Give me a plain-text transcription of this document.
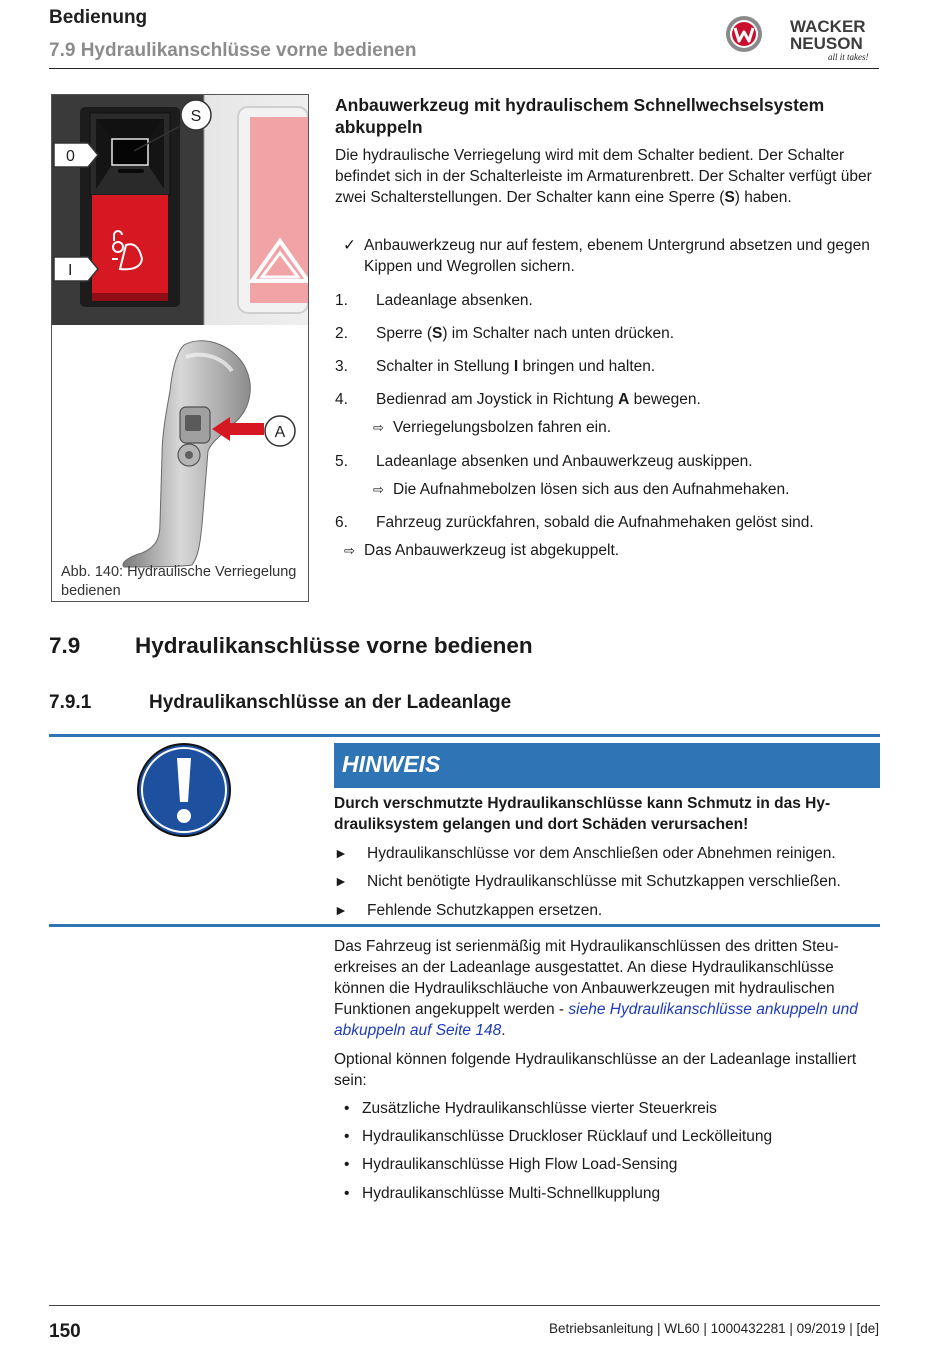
Bedienung
7.9 Hydraulikanschlüsse vorne bedienen
WACKER
NEUSON
all it takes!
S
0
I
A
Abb. 140: Hydraulische Verriegelung bedienen
Anbauwerkzeug mit hydraulischem Schnellwechselsystem abkuppeln
Die hydraulische Verriegelung wird mit dem Schalter bedient. Der Schalter befindet sich in der Schalterleiste im Armaturenbrett. Der Schalter verfügt über zwei Schalterstellungen. Der Schalter kann eine Sperre (S) haben.
✓ Anbauwerkzeug nur auf festem, ebenem Untergrund absetzen und gegen Kippen und Wegrollen sichern.
1. Ladeanlage absenken.
2. Sperre (S) im Schalter nach unten drücken.
3. Schalter in Stellung I bringen und halten.
4. Bedienrad am Joystick in Richtung A bewegen.
⇨ Verriegelungsbolzen fahren ein.
5. Ladeanlage absenken und Anbauwerkzeug auskippen.
⇨ Die Aufnahmebolzen lösen sich aus den Aufnahmehaken.
6. Fahrzeug zurückfahren, sobald die Aufnahmehaken gelöst sind.
⇨ Das Anbauwerkzeug ist abgekuppelt.
7.9 Hydraulikanschlüsse vorne bedienen
7.9.1	Hydraulikanschlüsse an der Ladeanlage
HINWEIS
Durch verschmutzte Hydraulikanschlüsse kann Schmutz in das Hydrauliksystem gelangen und dort Schäden verursachen!
► Hydraulikanschlüsse vor dem Anschließen oder Abnehmen reinigen.
► Nicht benötigte Hydraulikanschlüsse mit Schutzkappen verschließen.
► Fehlende Schutzkappen ersetzen.
Das Fahrzeug ist serienmäßig mit Hydraulikanschlüssen des dritten Steuerkreises an der Ladeanlage ausgestattet. An diese Hydraulikanschlüsse können die Hydraulikschläuche von Anbauwerkzeugen mit hydraulischen Funktionen angekuppelt werden - siehe Hydraulikanschlüsse ankuppeln und abkuppeln auf Seite 148.
Optional können folgende Hydraulikanschlüsse an der Ladeanlage installiert sein:
• Zusätzliche Hydraulikanschlüsse vierter Steuerkreis
• Hydraulikanschlüsse Druckloser Rücklauf und Leckölleitung
• Hydraulikanschlüsse High Flow Load-Sensing
• Hydraulikanschlüsse Multi-Schnellkupplung
150	Betriebsanleitung | WL60 | 1000432281 | 09/2019 | [de]
